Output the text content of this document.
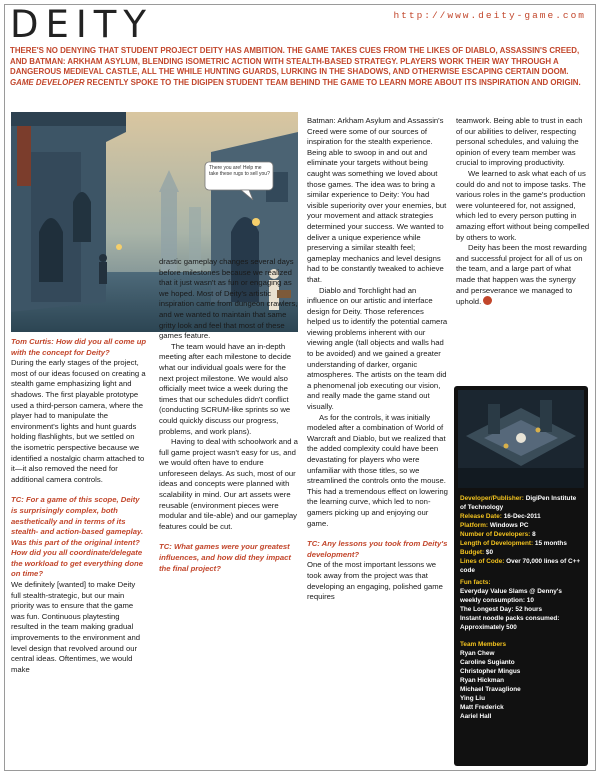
DEITY	http://www.deity-game.com
THERE'S NO DENYING THAT STUDENT PROJECT DEITY HAS AMBITION. THE GAME TAKES CUES FROM THE LIKES OF DIABLO, ASSASSIN'S CREED, AND BATMAN: ARKHAM ASYLUM, BLENDING ISOMETRIC ACTION WITH STEALTH-BASED STRATEGY. PLAYERS WORK THEIR WAY THROUGH A DANGEROUS MEDIEVAL CASTLE, ALL THE WHILE HUNTING GUARDS, LURKING IN THE SHADOWS, AND OTHERWISE ESCAPING CERTAIN DOOM. GAME DEVELOPER RECENTLY SPOKE TO THE DIGIPEN STUDENT TEAM BEHIND THE GAME TO LEARN MORE ABOUT ITS INSPIRATION AND ORIGIN.
There you are! Help me take these rugs to sell you?

Tom Curtis: How did you all come up with the concept for Deity?

During the early stages of the project, most of our ideas focused on creating a stealth game emphasizing light and shadows. The first playable prototype used a third-person camera, where the player had to manipulate the environment's lights and hunt guards holding flashlights, but we settled on the isometric perspective because we identified a nostalgic charm attached to it—it also removed the need for additional camera controls.

TC: For a game of this scope, Deity is surprisingly complex, both aesthetically and in terms of its stealth- and action-based gameplay. Was this part of the original intent? How did you all coordinate/delegate the workload to get everything done on time?

We definitely [wanted] to make Deity full stealth-strategic, but our main priority was to ensure that the game was fun. Continuous playtesting resulted in the team making gradual improvements to the environment and level design that revolved around our central ideas. Oftentimes, we would make

drastic gameplay changes several days before milestones because we realized that it just wasn't as fun or engaging as we hoped. Most of Deity's artistic inspiration came from dungeon crawlers, and we wanted to maintain that same gritty look and feel that most of these games feature.

The team would have an in-depth meeting after each milestone to decide what our individual goals were for the next project milestone. We would also officially meet twice a week during the times that our schedules didn't conflict (conducting SCRUM-like sprints so we could quickly discuss our progress, problems, and work plans).

Having to deal with schoolwork and a full game project wasn't easy for us, and we would often have to endure unforeseen delays. As such, most of our ideas and concepts were planned with scalability in mind. Our art assets were reusable (environment pieces were modular and tile-able) and our gameplay features could be cut.

TC: What games were your greatest influences, and how did they impact the final project?

Batman: Arkham Asylum and Assassin's Creed were some of our sources of inspiration for the stealth experience. Being able to swoop in and out and eliminate your targets without being caught was something we loved about those games. The idea was to bring a similar experience to Deity: You had visible superiority over your enemies, but your movement and attack strategies determined your success. We wanted to deliver a unique experience while preserving a similar stealth feel; gameplay mechanics and level designs had to be constantly tweaked to achieve that.

Diablo and Torchlight had an influence on our artistic and interface design for Deity. Those references helped us to identify the potential camera viewing problems inherent with our viewing angle (tall objects and walls had to be avoided) and we gained a greater understanding of darker, organic atmospheres. The artists on the team did a phenomenal job executing our vision, and really made the game stand out visually.

As for the controls, it was initially modeled after a combination of World of Warcraft and Diablo, but we realized that the added complexity could have been devastating for players who were unfamiliar with those titles, so we streamlined the controls onto the mouse. This had a tremendous effect on lowering the learning curve, which led to non-gamers picking up and enjoying our game.

TC: Any lessons you took from Deity's development?

One of the most important lessons we took away from the project was that developing an engaging, polished game requires

teamwork. Being able to trust in each of our abilities to deliver, respecting personal schedules, and valuing the opinion of every team member was crucial to improving productivity.

We learned to ask what each of us could do and not to impose tasks. The various roles in the game's production were volunteered for, not assigned, which led to every person putting in amazing effort without being compelled by others to work.

Deity has been the most rewarding and successful project for all of us on the team, and a large part of what made that happen was the synergy and perseverance we managed to uphold.

Developer/Publisher: DigiPen Institute of Technology
Release Date: 16-Dec-2011
Platform: Windows PC
Number of Developers: 8
Length of Development: 15 months
Budget: $0
Lines of Code: Over 70,000 lines of C++ code
Fun facts:
Everyday Value Slams @ Denny's weekly consumption: 10
The Longest Day: 52 hours
Instant noodle packs consumed: Approximately 500
Team Members
Ryan Chew
Caroline Sugianto
Christopher Mingus
Ryan Hickman
Michael Travaglione
Ying Liu
Matt Frederick
Aariel Hall
